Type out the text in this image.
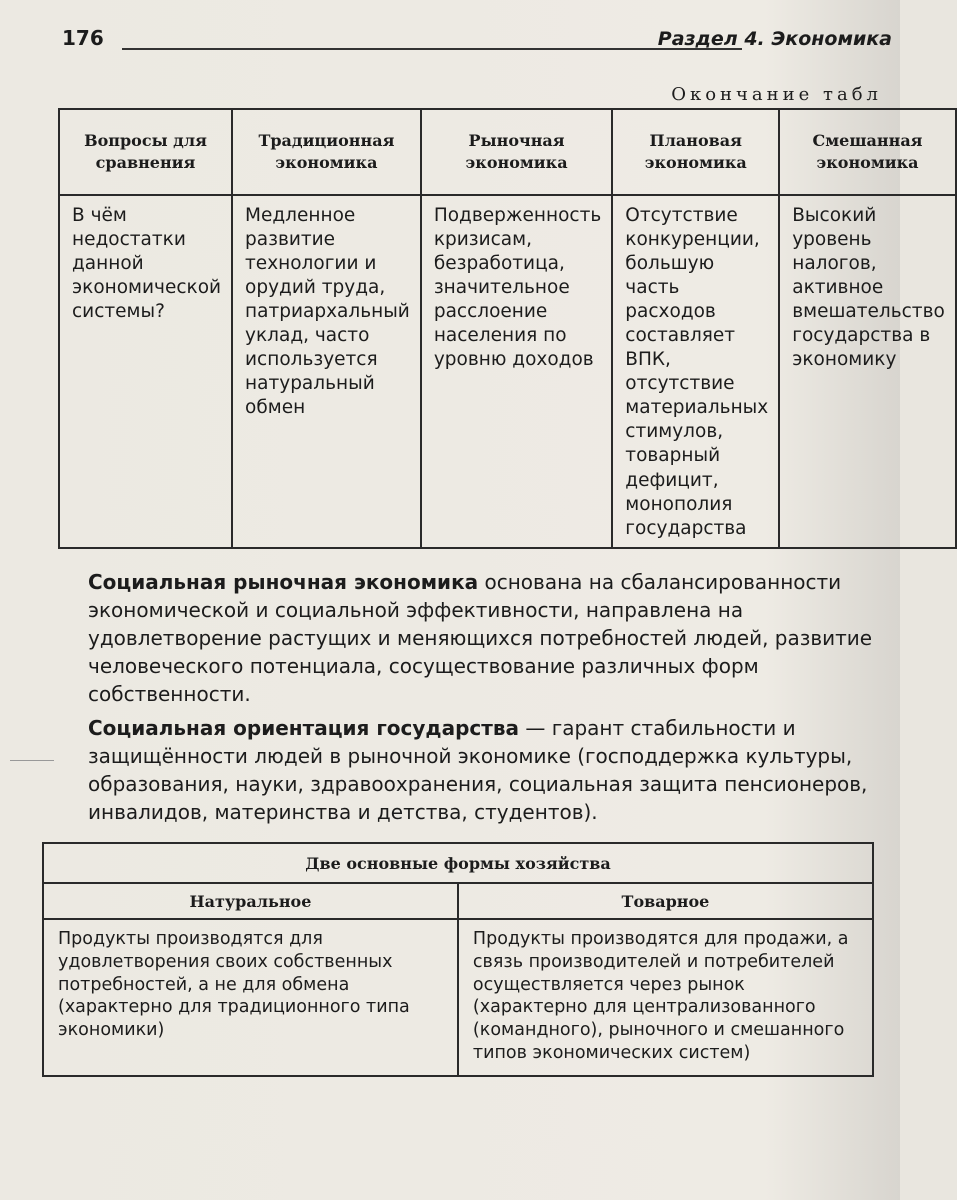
176	Раздел 4. Экономика
Окончание табл
Вопросы для сравнения	Традиционная экономика	Рыночная экономика	Плановая экономика	Смешанная экономика
В чём недостатки данной экономической системы?	Медленное развитие технологии и орудий труда, патриархальный уклад, часто используется натуральный обмен	Подверженность кризисам, безработица, значительное расслоение населения по уровню доходов	Отсутствие конкуренции, большую часть расходов составляет ВПК, отсутствие материальных стимулов, товарный дефицит, монополия государства	Высокий уровень налогов, активное вмешательство государства в экономику

Социальная рыночная экономика основана на сбалансированности экономической и социальной эффективности, направлена на удовлетворение растущих и меняющихся потребностей людей, развитие человеческого потенциала, сосуществование различных форм собственности.

Социальная ориентация государства — гарант стабильности и защищённости людей в рыночной экономике (господдержка культуры, образования, науки, здравоохранения, социальная защита пенсионеров, инвалидов, материнства и детства, студентов).

Две основные формы хозяйства	
Натуральное	Товарное
Продукты производятся для удовлетворения своих собственных потребностей, а не для обмена (характерно для традиционного типа экономики)	Продукты производятся для продажи, а связь производителей и потребителей осуществляется через рынок (характерно для централизованного (командного), рыночного и смешанного типов экономических систем)
